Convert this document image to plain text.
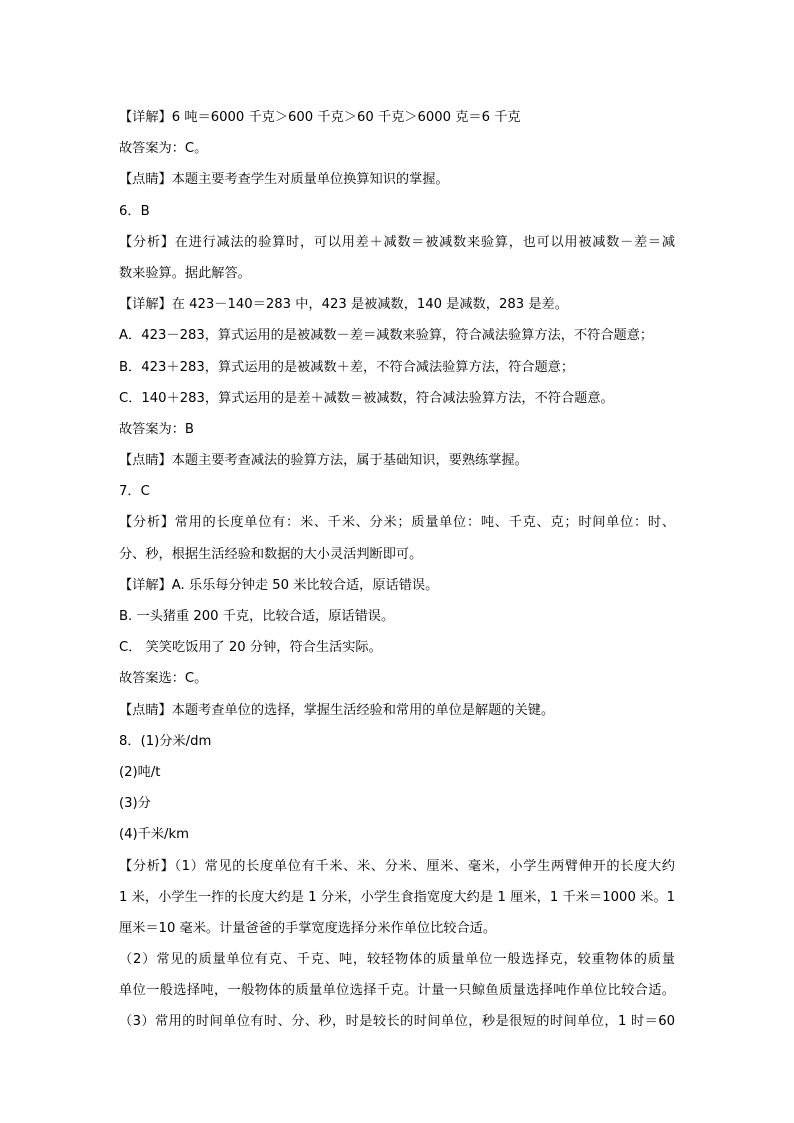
【详解】6 吨＝6000 千克＞600 千克＞60 千克＞6000 克＝6 千克
故答案为：C。
【点睛】本题主要考查学生对质量单位换算知识的掌握。
6．B
【分析】在进行减法的验算时，可以用差＋减数＝被减数来验算，也可以用被减数－差＝减
数来验算。据此解答。
【详解】在 423－140＝283 中，423 是被减数，140 是减数，283 是差。
A．423－283，算式运用的是被减数－差＝减数来验算，符合减法验算方法，不符合题意；
B．423＋283，算式运用的是被减数＋差，不符合减法验算方法，符合题意；
C．140＋283，算式运用的是差＋减数＝被减数，符合减法验算方法，不符合题意。
故答案为：B
【点睛】本题主要考查减法的验算方法，属于基础知识，要熟练掌握。
7．C
【分析】常用的长度单位有：米、千米、分米；质量单位：吨、千克、克；时间单位：时、
分、秒，根据生活经验和数据的大小灵活判断即可。
【详解】A. 乐乐每分钟走 50 米比较合适，原话错误。
B. 一头猪重 200 千克，比较合适，原话错误。
C． 笑笑吃饭用了 20 分钟，符合生活实际。
故答案选：C。
【点睛】本题考查单位的选择，掌握生活经验和常用的单位是解题的关键。
8．(1)分米/dm
(2)吨/t
(3)分
(4)千米/km
【分析】（1）常见的长度单位有千米、米、分米、厘米、毫米，小学生两臂伸开的长度大约
1 米，小学生一拃的长度大约是 1 分米，小学生食指宽度大约是 1 厘米，1 千米＝1000 米。1
厘米＝10 毫米。计量爸爸的手掌宽度选择分米作单位比较合适。
（2）常见的质量单位有克、千克、吨，较轻物体的质量单位一般选择克，较重物体的质量
单位一般选择吨，一般物体的质量单位选择千克。计量一只鲸鱼质量选择吨作单位比较合适。
（3）常用的时间单位有时、分、秒，时是较长的时间单位，秒是很短的时间单位，1 时＝60
